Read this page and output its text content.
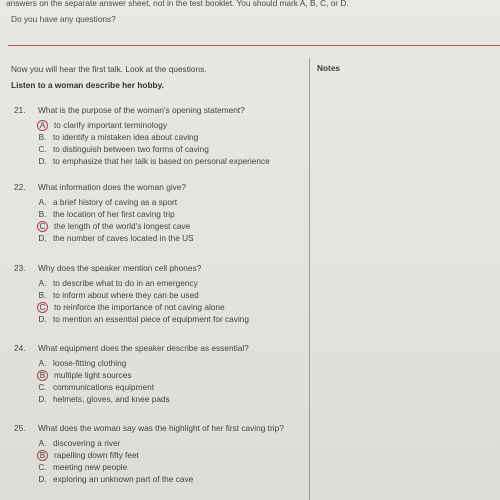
answers on the separate answer sheet, not in the test booklet. You should mark A, B, C, or D.
Do you have any questions?
Notes
Now you will hear the first talk. Look at the questions.
Listen to a woman describe her hobby.
21. What is the purpose of the woman's opening statement?
A to clarify important terminology
B. to identify a mistaken idea about caving
C. to distinguish between two forms of caving
D. to emphasize that her talk is based on personal experience
22. What information does the woman give?
A. a brief history of caving as a sport
B. the location of her first caving trip
C the length of the world's longest cave
D. the number of caves located in the US
23. Why does the speaker mention cell phones?
A. to describe what to do in an emergency
B. to inform about where they can be used
C to reinforce the importance of not caving alone
D. to mention an essential piece of equipment for caving
24. What equipment does the speaker describe as essential?
A. loose-fitting clothing
B multiple light sources
C. communications equipment
D. helmets, gloves, and knee pads
25. What does the woman say was the highlight of her first caving trip?
A. discovering a river
B rapelling down fifty feet
C. meeting new people
D. exploring an unknown part of the cave
